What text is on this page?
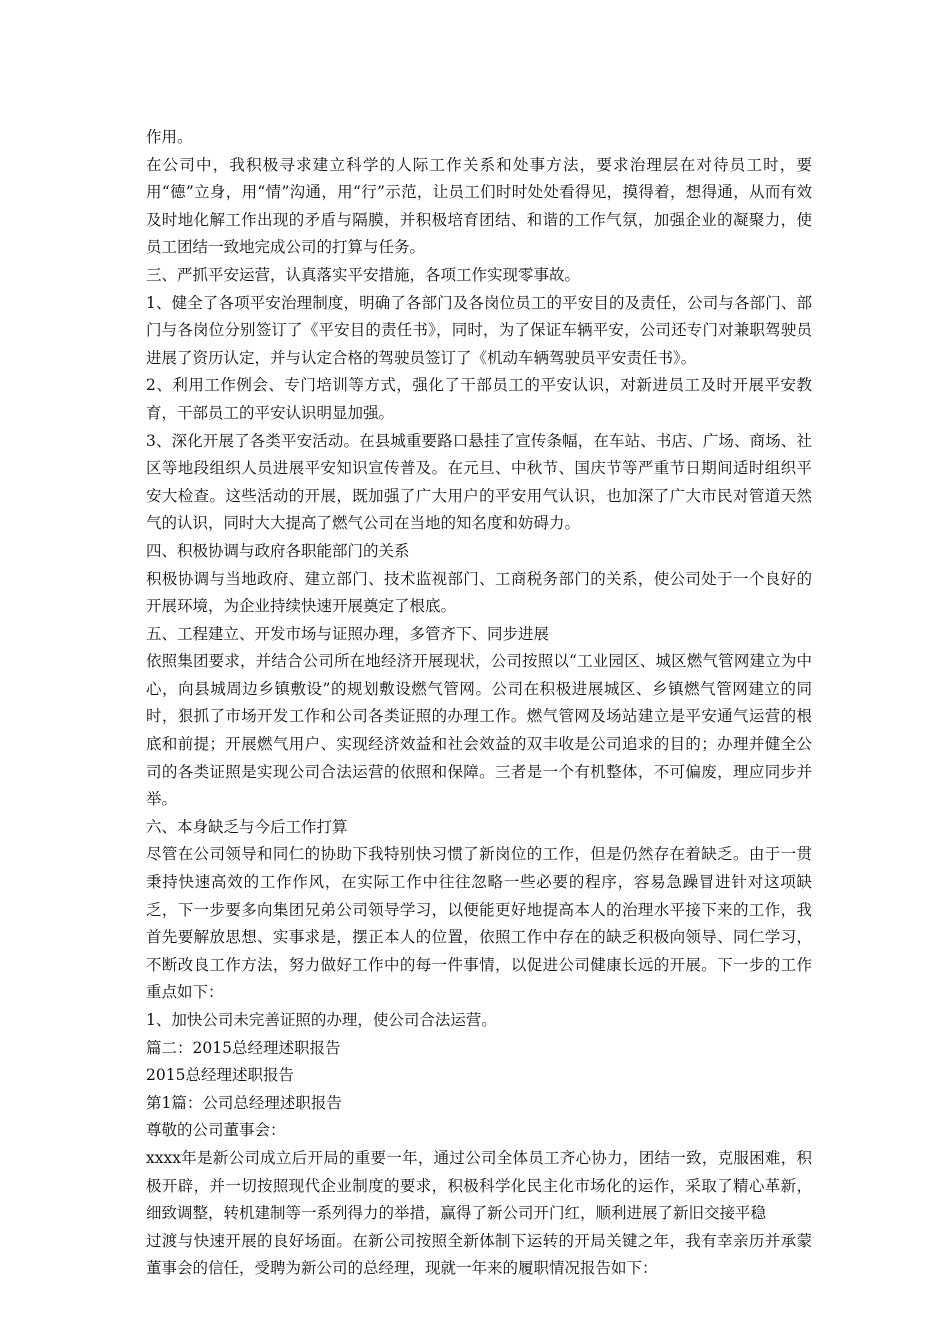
作用。

在公司中，我积极寻求建立科学的人际工作关系和处事方法，要求治理层在对待员工时，要用“德”立身，用“情”沟通，用“行”示范，让员工们时时处处看得见，摸得着，想得通，从而有效及时地化解工作出现的矛盾与隔膜，并积极培育团结、和谐的工作气氛，加强企业的凝聚力，使员工团结一致地完成公司的打算与任务。

三、严抓平安运营，认真落实平安措施，各项工作实现零事故。

1、健全了各项平安治理制度，明确了各部门及各岗位员工的平安目的及责任，公司与各部门、部门与各岗位分别签订了《平安目的责任书》，同时，为了保证车辆平安，公司还专门对兼职驾驶员进展了资历认定，并与认定合格的驾驶员签订了《机动车辆驾驶员平安责任书》。

2、利用工作例会、专门培训等方式，强化了干部员工的平安认识，对新进员工及时开展平安教育，干部员工的平安认识明显加强。

3、深化开展了各类平安活动。在县城重要路口悬挂了宣传条幅，在车站、书店、广场、商场、社区等地段组织人员进展平安知识宣传普及。在元旦、中秋节、国庆节等严重节日期间适时组织平安大检查。这些活动的开展，既加强了广大用户的平安用气认识，也加深了广大市民对管道天然气的认识，同时大大提高了燃气公司在当地的知名度和妨碍力。

四、积极协调与政府各职能部门的关系

积极协调与当地政府、建立部门、技术监视部门、工商税务部门的关系，使公司处于一个良好的开展环境，为企业持续快速开展奠定了根底。

五、工程建立、开发市场与证照办理，多管齐下、同步进展

依照集团要求，并结合公司所在地经济开展现状，公司按照以“工业园区、城区燃气管网建立为中心，向县城周边乡镇敷设”的规划敷设燃气管网。公司在积极进展城区、乡镇燃气管网建立的同时，狠抓了市场开发工作和公司各类证照的办理工作。燃气管网及场站建立是平安通气运营的根底和前提；开展燃气用户、实现经济效益和社会效益的双丰收是公司追求的目的；办理并健全公司的各类证照是实现公司合法运营的依照和保障。三者是一个有机整体，不可偏废，理应同步并举。

六、本身缺乏与今后工作打算

尽管在公司领导和同仁的协助下我特别快习惯了新岗位的工作，但是仍然存在着缺乏。由于一贯秉持快速高效的工作作风，在实际工作中往往忽略一些必要的程序，容易急躁冒进针对这项缺乏，下一步要多向集团兄弟公司领导学习，以便能更好地提高本人的治理水平接下来的工作，我首先要解放思想、实事求是，摆正本人的位置，依照工作中存在的缺乏积极向领导、同仁学习，不断改良工作方法，努力做好工作中的每一件事情，以促进公司健康长远的开展。下一步的工作重点如下：

1、加快公司未完善证照的办理，使公司合法运营。

篇二：2015总经理述职报告

2015总经理述职报告

第1篇：公司总经理述职报告

尊敬的公司董事会：

xxxx年是新公司成立后开局的重要一年，通过公司全体员工齐心协力，团结一致，克服困难，积极开辟，并一切按照现代企业制度的要求，积极科学化民主化市场化的运作，采取了精心革新，细致调整，转机建制等一系列得力的举措，赢得了新公司开门红，顺利进展了新旧交接平稳

过渡与快速开展的良好场面。在新公司按照全新体制下运转的开局关键之年，我有幸亲历并承蒙董事会的信任，受聘为新公司的总经理，现就一年来的履职情况报告如下：
